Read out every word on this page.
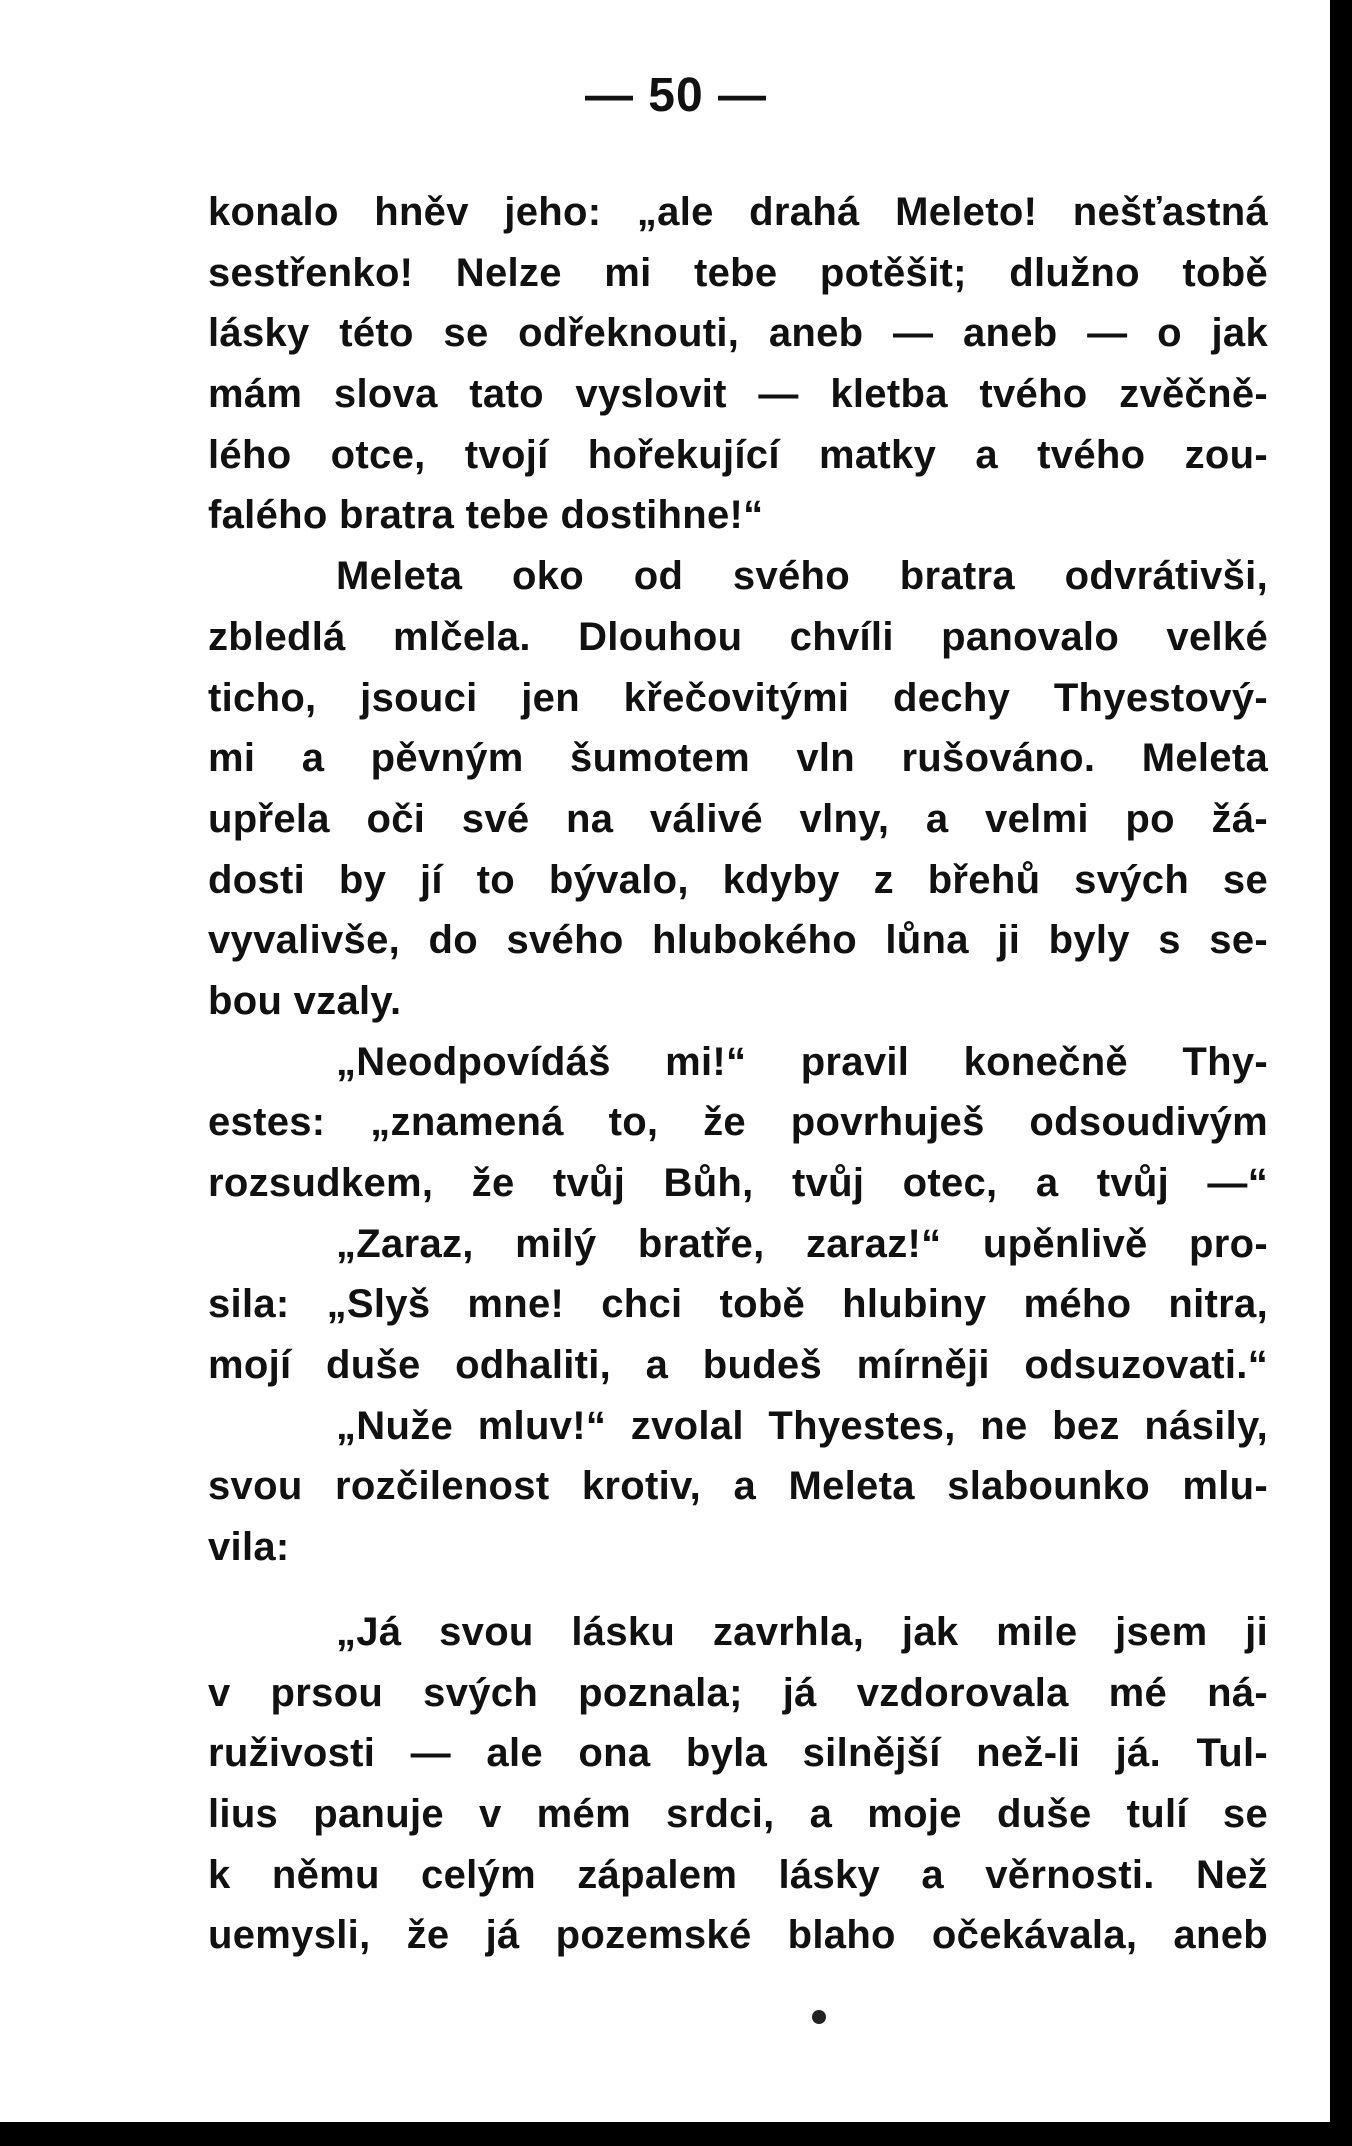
— 50 —
konalo hněv jeho: „ale drahá Meleto! nešťastná
sestřenko! Nelze mi tebe potěšit; dlužno tobě
lásky této se odřeknouti, aneb — aneb — o jak
mám slova tato vyslovit — kletba tvého zvěčně-
lého otce, tvojí hořekující matky a tvého zou-
falého bratra tebe dostihne!“
Meleta oko od svého bratra odvrátivši,
zbledlá mlčela. Dlouhou chvíli panovalo velké
ticho, jsouci jen křečovitými dechy Thyestový-
mi a pěvným šumotem vln rušováno. Meleta
upřela oči své na válivé vlny, a velmi po žá-
dosti by jí to bývalo, kdyby z břehů svých se
vyvalivše, do svého hlubokého lůna ji byly s se-
bou vzaly.
„Neodpovídáš mi!“ pravil konečně Thy-
estes: „znamená to, že povrhuješ odsoudivým
rozsudkem, že tvůj Bůh, tvůj otec, a tvůj —“
„Zaraz, milý bratře, zaraz!“ upěnlivě pro-
sila: „Slyš mne! chci tobě hlubiny mého nitra,
mojí duše odhaliti, a budeš mírněji odsuzovati.“
„Nuže mluv!“ zvolal Thyestes, ne bez násily,
svou rozčilenost krotiv, a Meleta slabounko mlu-
vila:
„Já svou lásku zavrhla, jak mile jsem ji
v prsou svých poznala; já vzdorovala mé ná-
ruživosti — ale ona byla silnější než-li já. Tul-
lius panuje v mém srdci, a moje duše tulí se
k němu celým zápalem lásky a věrnosti. Než
uemysli, že já pozemské blaho očekávala, aneb
